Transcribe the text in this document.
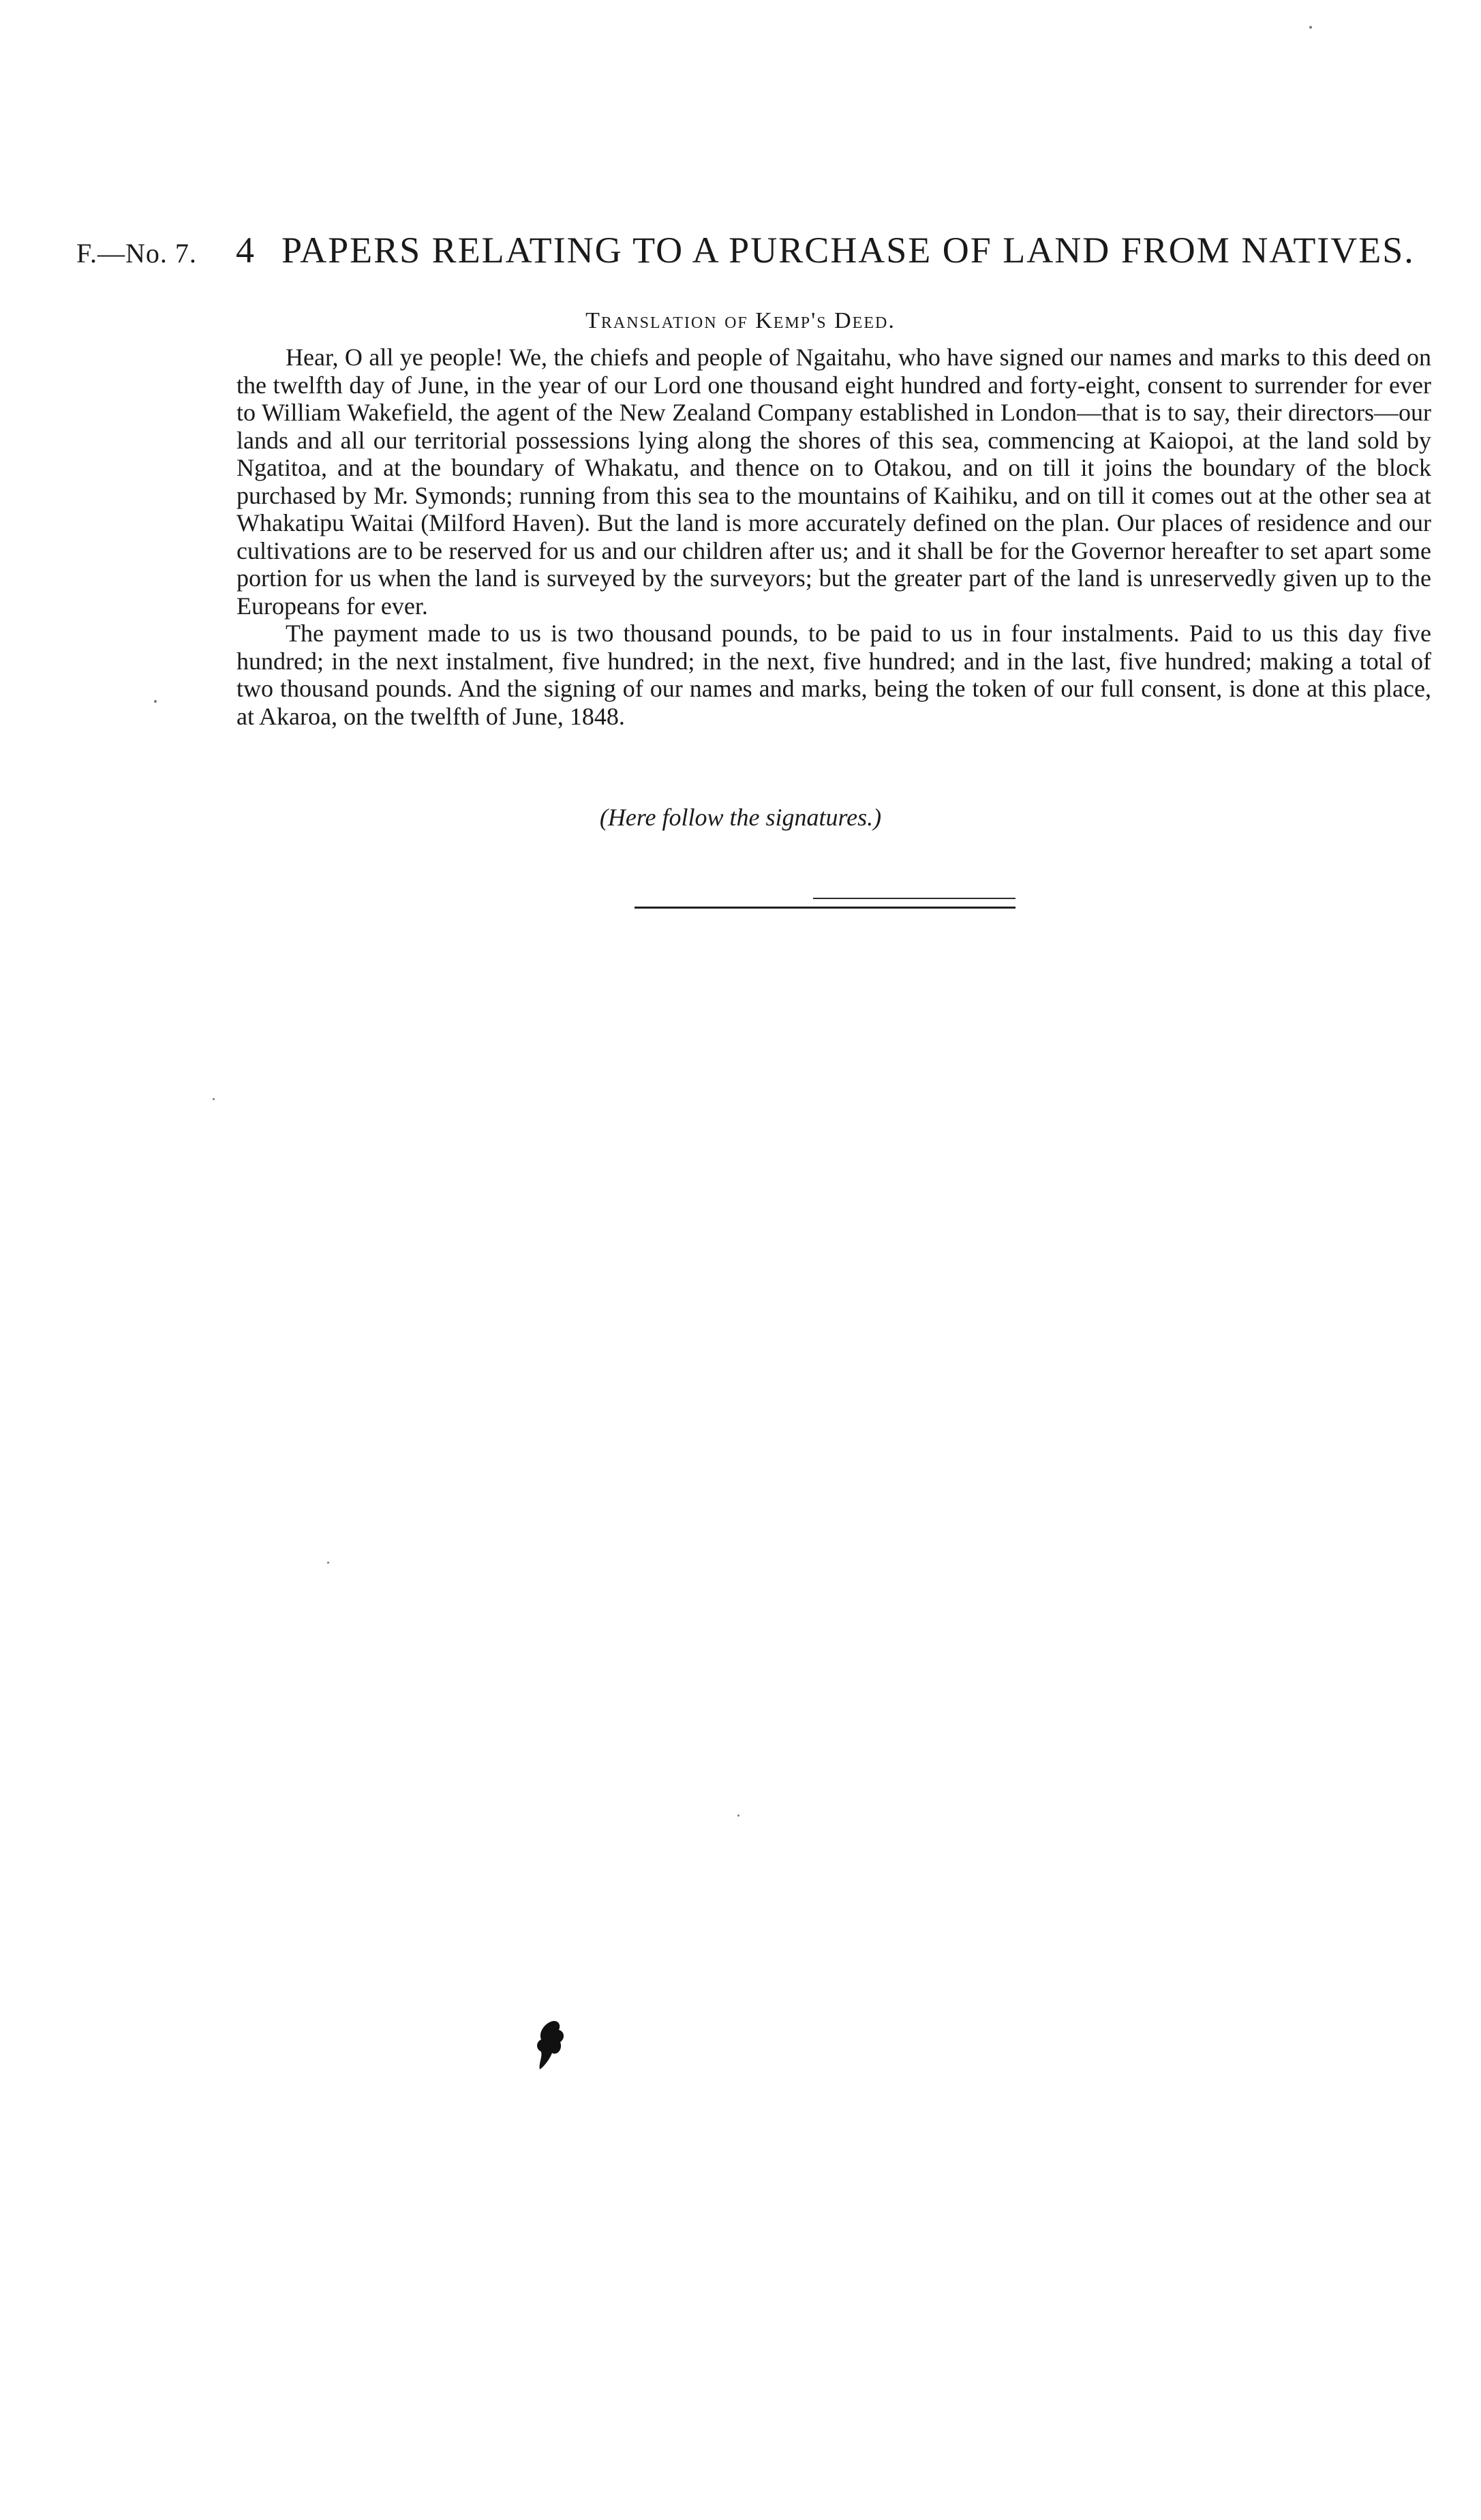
F.—No. 7. 4 PAPERS RELATING TO A PURCHASE OF LAND FROM NATIVES.
Translation of Kemp's Deed.

Hear, O all ye people! We, the chiefs and people of Ngaitahu, who have signed our names and marks to this deed on the twelfth day of June, in the year of our Lord one thousand eight hundred and forty-eight, consent to surrender for ever to William Wakefield, the agent of the New Zealand Company established in London—that is to say, their directors—our lands and all our territorial possessions lying along the shores of this sea, commencing at Kaiopoi, at the land sold by Ngatitoa, and at the boundary of Whakatu, and thence on to Otakou, and on till it joins the boundary of the block purchased by Mr. Symonds; running from this sea to the mountains of Kaihiku, and on till it comes out at the other sea at Whakatipu Waitai (Milford Haven). But the land is more accurately defined on the plan. Our places of residence and our cultivations are to be reserved for us and our children after us; and it shall be for the Governor hereafter to set apart some portion for us when the land is surveyed by the surveyors; but the greater part of the land is unreservedly given up to the Europeans for ever.

The payment made to us is two thousand pounds, to be paid to us in four instalments. Paid to us this day five hundred; in the next instalment, five hundred; in the next, five hundred; and in the last, five hundred; making a total of two thousand pounds. And the signing of our names and marks, being the token of our full consent, is done at this place, at Akaroa, on the twelfth of June, 1848.

(Here follow the signatures.)
